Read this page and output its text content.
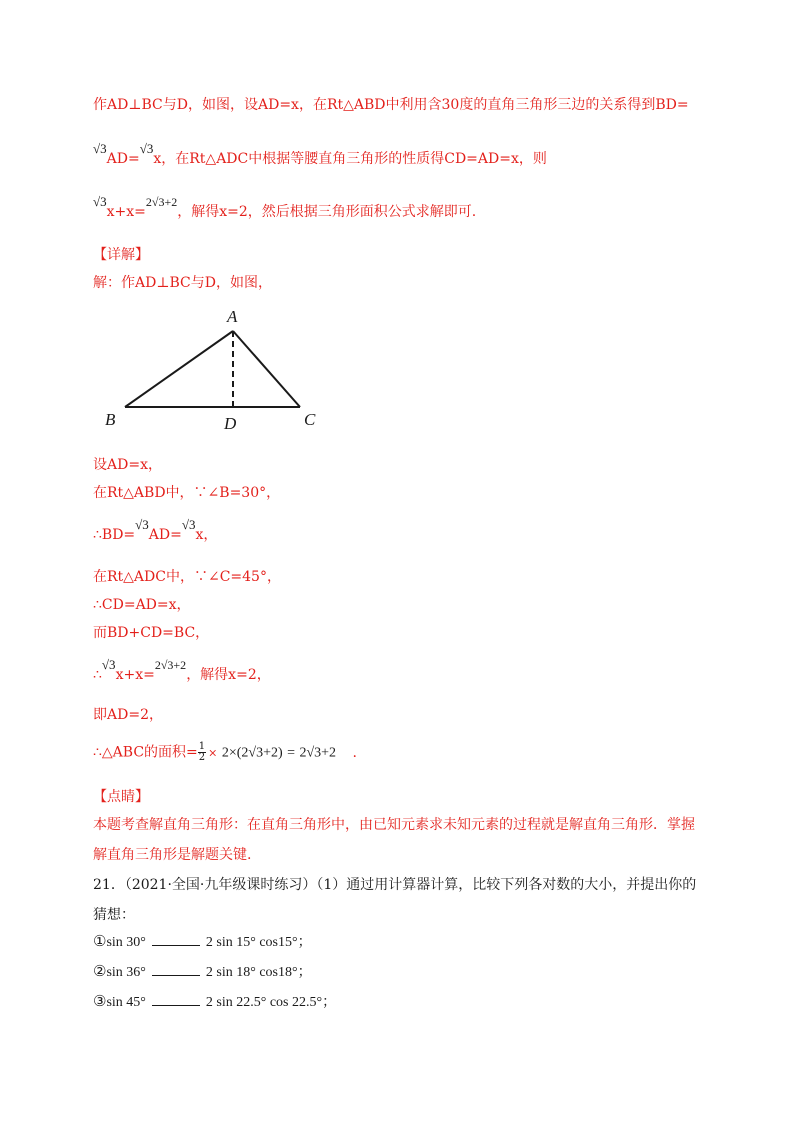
作AD⊥BC与D，如图，设AD=x，在Rt△ABD中利用含30度的直角三角形三边的关系得到BD=
√3AD=√3x，在Rt△ADC中根据等腰直角三角形的性质得CD=AD=x，则
√3x+x=2√3+2，解得x=2，然后根据三角形面积公式求解即可.
【详解】
解：作AD⊥BC与D，如图，
A
B	C
D
设AD=x，
在Rt△ABD中，∵∠B=30°，
∴BD=√3AD=√3x，
在Rt△ADC中，∵∠C=45°，
∴CD=AD=x，
而BD+CD=BC，
∴√3x+x=2√3+2，解得x=2，
即AD=2，
∴△ABC的面积= $\frac{1}{2} \times 2\times(2√3+2) = 2√3+2$ .
【点睛】
本题考查解直角三角形：在直角三角形中，由已知元素求未知元素的过程就是解直角三角形．掌握
解直角三角形是解题关键.
21．（2021·全国·九年级课时练习）（1）通过用计算器计算，比较下列各对数的大小，并提出你的
猜想：
①sin 30°	2 sin 15° cos15°；
②sin 36°	2 sin 18° cos18°；
③sin 45°	2 sin 22.5° cos 22.5°；
